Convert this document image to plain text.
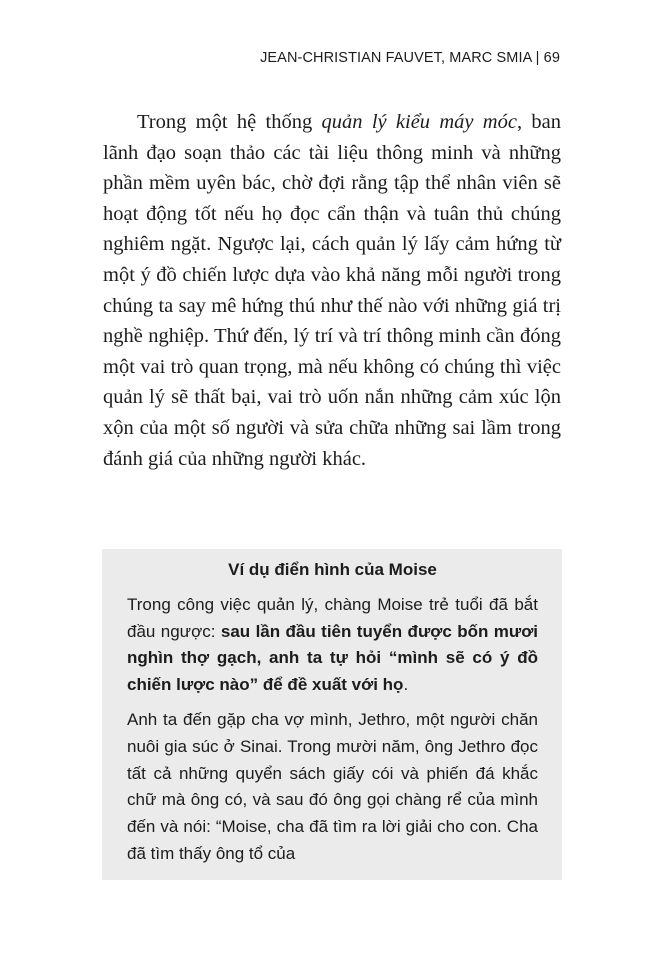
JEAN-CHRISTIAN FAUVET, MARC SMIA | 69

Trong một hệ thống quản lý kiểu máy móc, ban lãnh đạo soạn thảo các tài liệu thông minh và những phần mềm uyên bác, chờ đợi rằng tập thể nhân viên sẽ hoạt động tốt nếu họ đọc cẩn thận và tuân thủ chúng nghiêm ngặt. Ngược lại, cách quản lý lấy cảm hứng từ một ý đồ chiến lược dựa vào khả năng mỗi người trong chúng ta say mê hứng thú như thế nào với những giá trị nghề nghiệp. Thứ đến, lý trí và trí thông minh cần đóng một vai trò quan trọng, mà nếu không có chúng thì việc quản lý sẽ thất bại, vai trò uốn nắn những cảm xúc lộn xộn của một số người và sửa chữa những sai lầm trong đánh giá của những người khác.

Ví dụ điển hình của Moise

Trong công việc quản lý, chàng Moise trẻ tuổi đã bắt đầu ngược: sau lần đầu tiên tuyển được bốn mươi nghìn thợ gạch, anh ta tự hỏi “mình sẽ có ý đồ chiến lược nào” để đề xuất với họ.

Anh ta đến gặp cha vợ mình, Jethro, một người chăn nuôi gia súc ở Sinai. Trong mười năm, ông Jethro đọc tất cả những quyển sách giấy cói và phiến đá khắc chữ mà ông có, và sau đó ông gọi chàng rể của mình đến và nói: “Moise, cha đã tìm ra lời giải cho con. Cha đã tìm thấy ông tổ của
